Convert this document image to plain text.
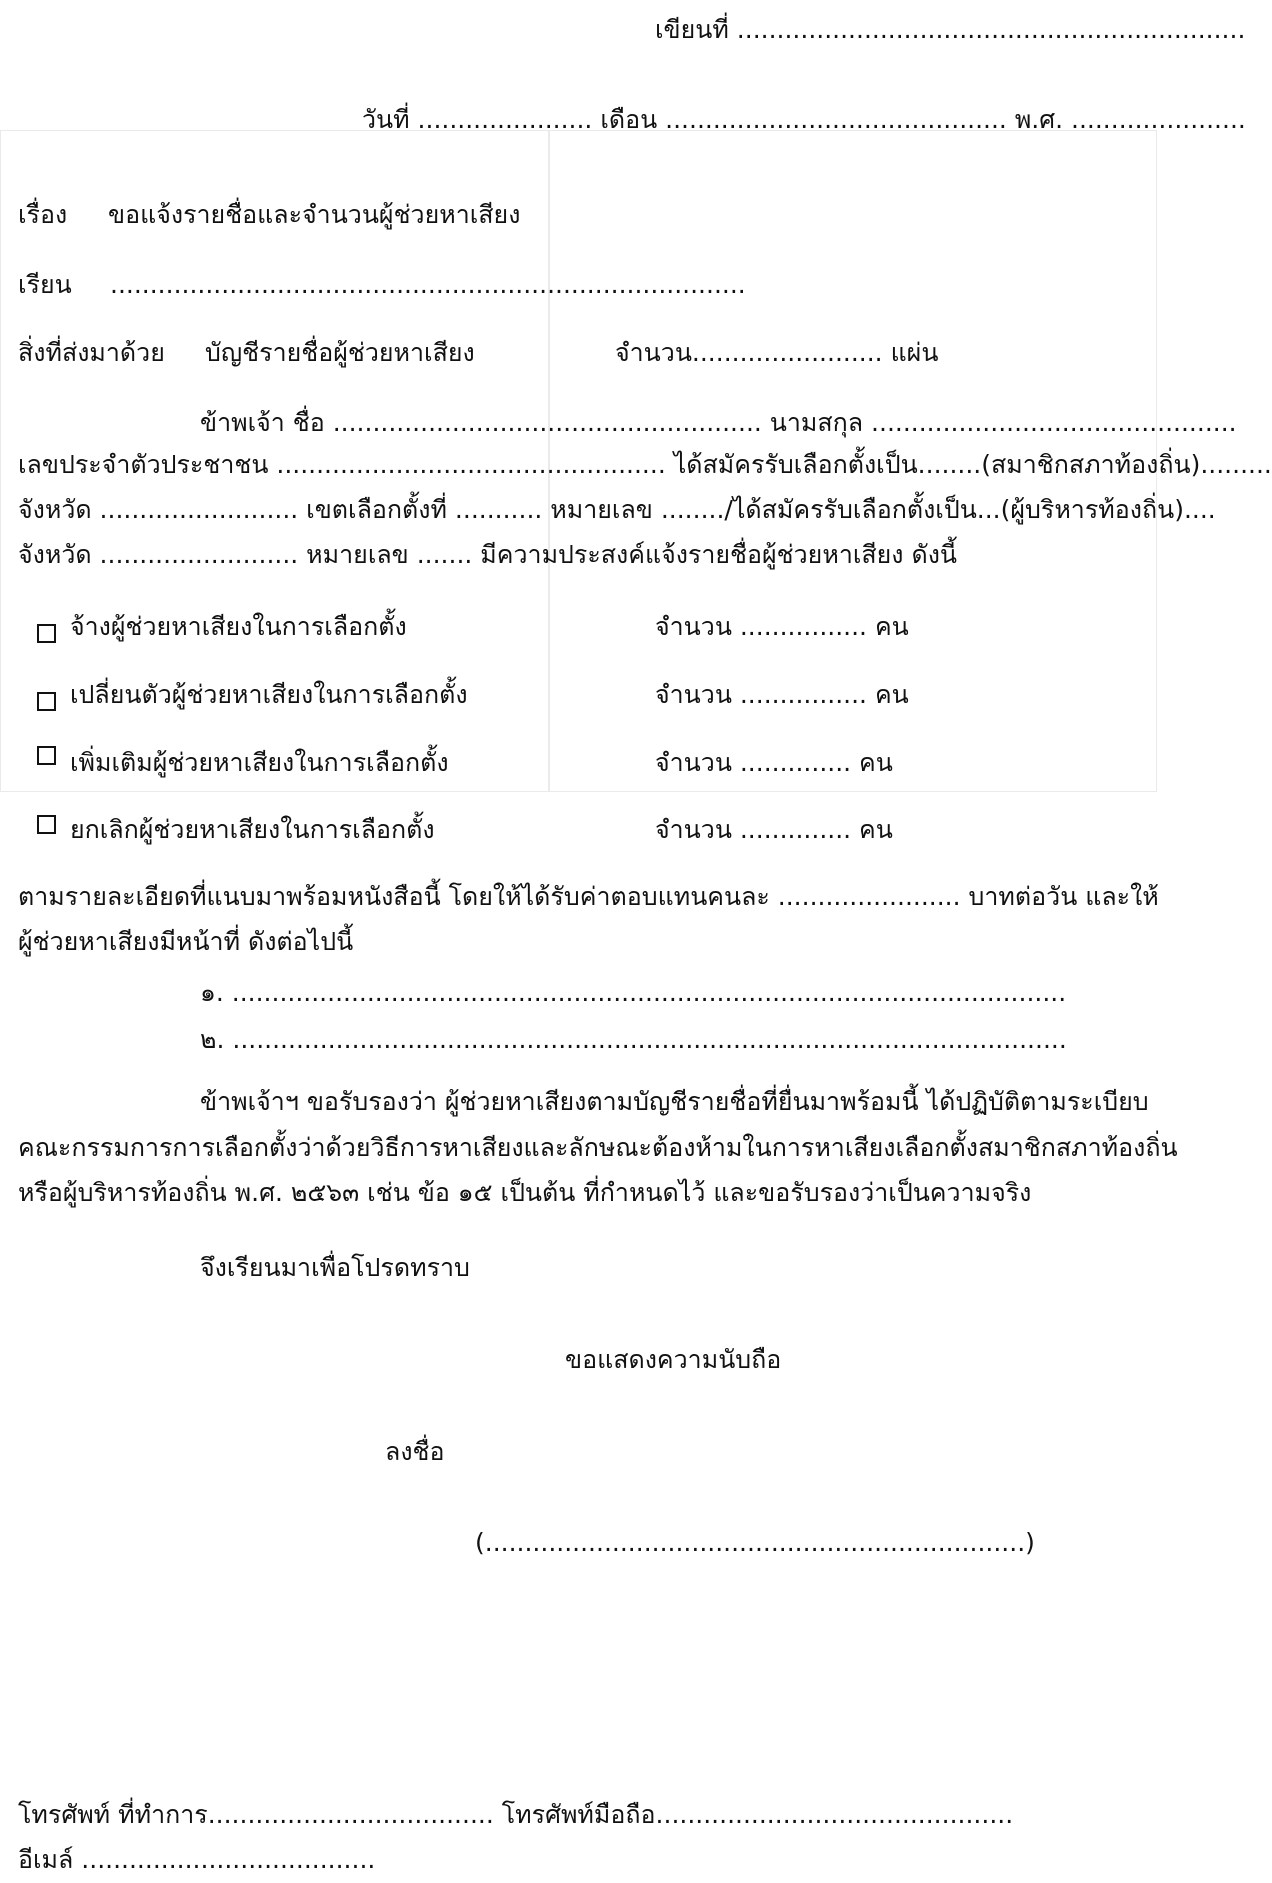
เขียนที่ ................................................................
วันที่ ...................... เดือน ........................................... พ.ศ. ......................
เรื่อง ขอแจ้งรายชื่อและจำนวนผู้ช่วยหาเสียง
เรียน ................................................................................
สิ่งที่ส่งมาด้วย บัญชีรายชื่อผู้ช่วยหาเสียง	จำนวน........................ แผ่น
ข้าพเจ้า ชื่อ ...................................................... นามสกุล ..............................................
เลขประจำตัวประชาชน ................................................. ได้สมัครรับเลือกตั้งเป็น........(สมาชิกสภาท้องถิ่น).........
จังหวัด ......................... เขตเลือกตั้งที่ ........... หมายเลข ......../ได้สมัครรับเลือกตั้งเป็น...(ผู้บริหารท้องถิ่น)....
จังหวัด ......................... หมายเลข ....... มีความประสงค์แจ้งรายชื่อผู้ช่วยหาเสียง ดังนี้
จ้างผู้ช่วยหาเสียงในการเลือกตั้ง	จำนวน ................ คน
เปลี่ยนตัวผู้ช่วยหาเสียงในการเลือกตั้ง	จำนวน ................ คน
เพิ่มเติมผู้ช่วยหาเสียงในการเลือกตั้ง	จำนวน .............. คน
ยกเลิกผู้ช่วยหาเสียงในการเลือกตั้ง	จำนวน .............. คน
ตามรายละเอียดที่แนบมาพร้อมหนังสือนี้ โดยให้ได้รับค่าตอบแทนคนละ ....................... บาทต่อวัน และให้
ผู้ช่วยหาเสียงมีหน้าที่ ดังต่อไปนี้
๑. .........................................................................................................
๒. .........................................................................................................
ข้าพเจ้าฯ ขอรับรองว่า ผู้ช่วยหาเสียงตามบัญชีรายชื่อที่ยื่นมาพร้อมนี้ ได้ปฏิบัติตามระเบียบ
คณะกรรมการการเลือกตั้งว่าด้วยวิธีการหาเสียงและลักษณะต้องห้ามในการหาเสียงเลือกตั้งสมาชิกสภาท้องถิ่น
หรือผู้บริหารท้องถิ่น พ.ศ. ๒๕๖๓ เช่น ข้อ ๑๕ เป็นต้น ที่กำหนดไว้ และขอรับรองว่าเป็นความจริง
จึงเรียนมาเพื่อโปรดทราบ
ขอแสดงความนับถือ
ลงชื่อ
(....................................................................)
โทรศัพท์ ที่ทำการ.................................... โทรศัพท์มือถือ.............................................
อีเมล์ .....................................
